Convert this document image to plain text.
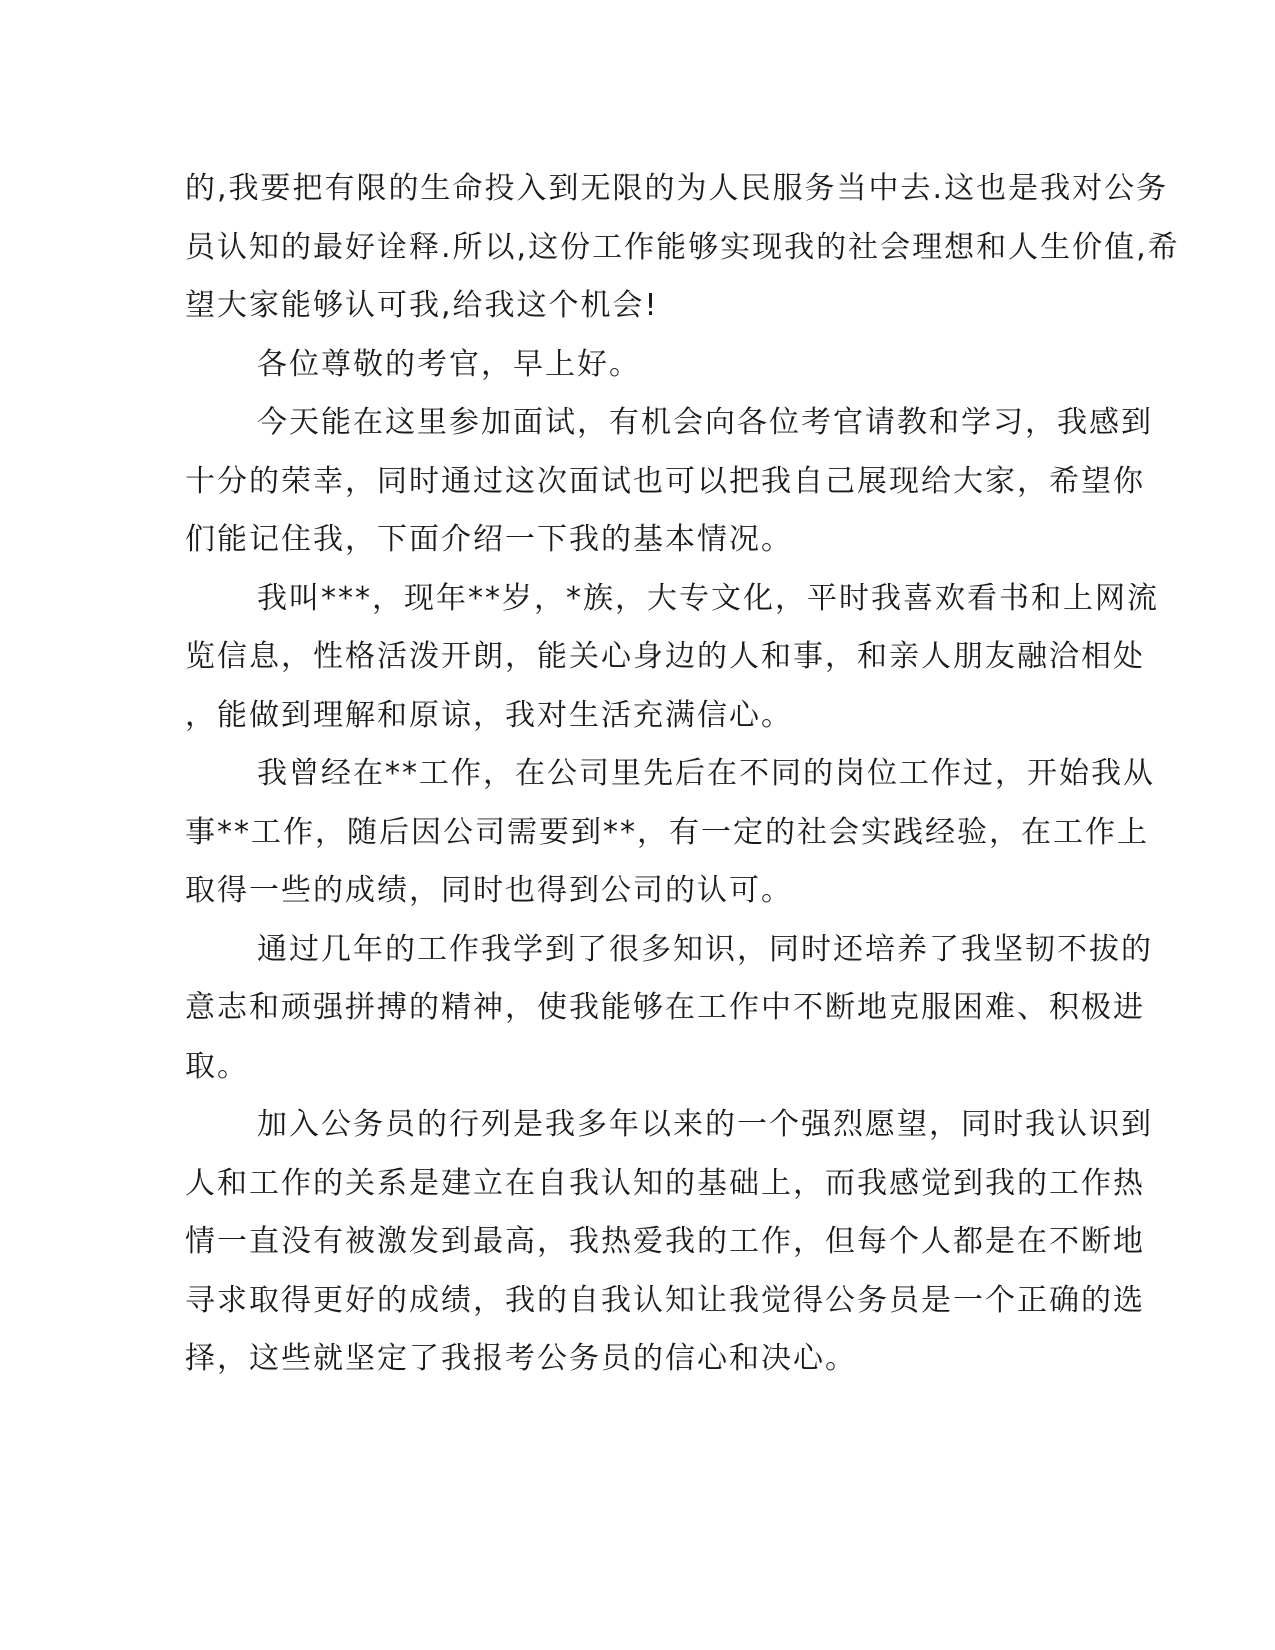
的,我要把有限的生命投入到无限的为人民服务当中去.这也是我对公务
员认知的最好诠释.所以,这份工作能够实现我的社会理想和人生价值,希
望大家能够认可我,给我这个机会!

各位尊敬的考官，早上好。

今天能在这里参加面试，有机会向各位考官请教和学习，我感到
十分的荣幸，同时通过这次面试也可以把我自己展现给大家，希望你
们能记住我，下面介绍一下我的基本情况。

我叫***，现年**岁，*族，大专文化，平时我喜欢看书和上网流
览信息，性格活泼开朗，能关心身边的人和事，和亲人朋友融洽相处
，能做到理解和原谅，我对生活充满信心。

我曾经在**工作，在公司里先后在不同的岗位工作过，开始我从
事**工作，随后因公司需要到**，有一定的社会实践经验，在工作上
取得一些的成绩，同时也得到公司的认可。

通过几年的工作我学到了很多知识，同时还培养了我坚韧不拔的
意志和顽强拼搏的精神，使我能够在工作中不断地克服困难、积极进
取。

加入公务员的行列是我多年以来的一个强烈愿望，同时我认识到
人和工作的关系是建立在自我认知的基础上，而我感觉到我的工作热
情一直没有被激发到最高，我热爱我的工作，但每个人都是在不断地
寻求取得更好的成绩，我的自我认知让我觉得公务员是一个正确的选
择，这些就坚定了我报考公务员的信心和决心。
